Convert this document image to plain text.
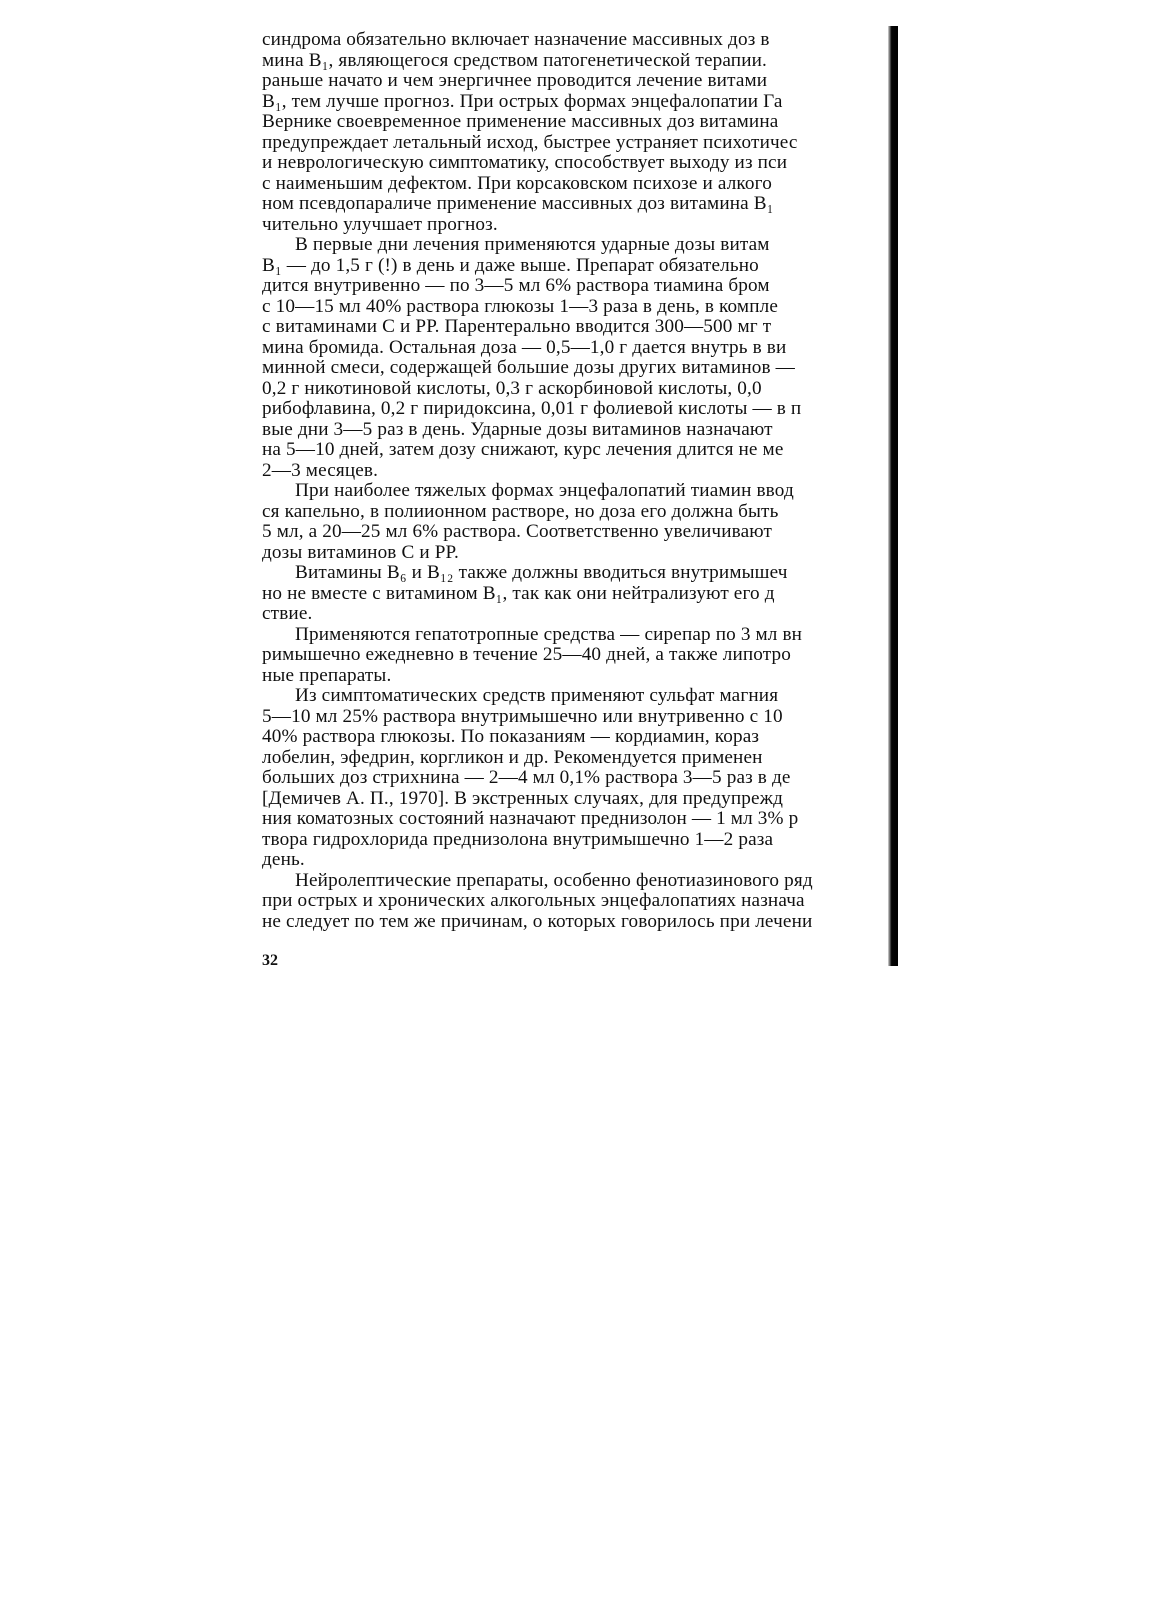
синдрома обязательно включает назначение массивных доз в
мина B₁, являющегося средством патогенетической терапии.
раньше начато и чем энергичнее проводится лечение витами
B₁, тем лучше прогноз. При острых формах энцефалопатии Га
Вернике своевременное применение массивных доз витамина
предупреждает летальный исход, быстрее устраняет психотичес
и неврологическую симптоматику, способствует выходу из пси
с наименьшим дефектом. При корсаковском психозе и алкого
ном псевдопараличе применение массивных доз витамина B₁
чительно улучшает прогноз.
В первые дни лечения применяются ударные дозы витам
B₁ — до 1,5 г (!) в день и даже выше. Препарат обязательно
дится внутривенно — по 3—5 мл 6% раствора тиамина бром
с 10—15 мл 40% раствора глюкозы 1—3 раза в день, в компле
с витаминами С и РР. Парентерально вводится 300—500 мг т
мина бромида. Остальная доза — 0,5—1,0 г дается внутрь в ви
минной смеси, содержащей большие дозы других витаминов —
0,2 г никотиновой кислоты, 0,3 г аскорбиновой кислоты, 0,0
рибофлавина, 0,2 г пиридоксина, 0,01 г фолиевой кислоты — в п
вые дни 3—5 раз в день. Ударные дозы витаминов назначают
на 5—10 дней, затем дозу снижают, курс лечения длится не ме
2—3 месяцев.
При наиболее тяжелых формах энцефалопатий тиамин ввод
ся капельно, в полиионном растворе, но доза его должна быть
5 мл, а 20—25 мл 6% раствора. Соответственно увеличивают
дозы витаминов С и РР.
Витамины B₆ и B₁₂ также должны вводиться внутримышеч
но не вместе с витамином B₁, так как они нейтрализуют его д
ствие.
Применяются гепатотропные средства — сирепар по 3 мл вн
римышечно ежедневно в течение 25—40 дней, а также липотро
ные препараты.
Из симптоматических средств применяют сульфат магния
5—10 мл 25% раствора внутримышечно или внутривенно с 10
40% раствора глюкозы. По показаниям — кордиамин, кораз
лобелин, эфедрин, коргликон и др. Рекомендуется применен
больших доз стрихнина — 2—4 мл 0,1% раствора 3—5 раз в де
[Демичев А. П., 1970]. В экстренных случаях, для предупрежд
ния коматозных состояний назначают преднизолон — 1 мл 3% р
твора гидрохлорида преднизолона внутримышечно 1—2 раза
день.
Нейролептические препараты, особенно фенотиазинового ряд
при острых и хронических алкогольных энцефалопатиях назнача
не следует по тем же причинам, о которых говорилось при лечени
32
